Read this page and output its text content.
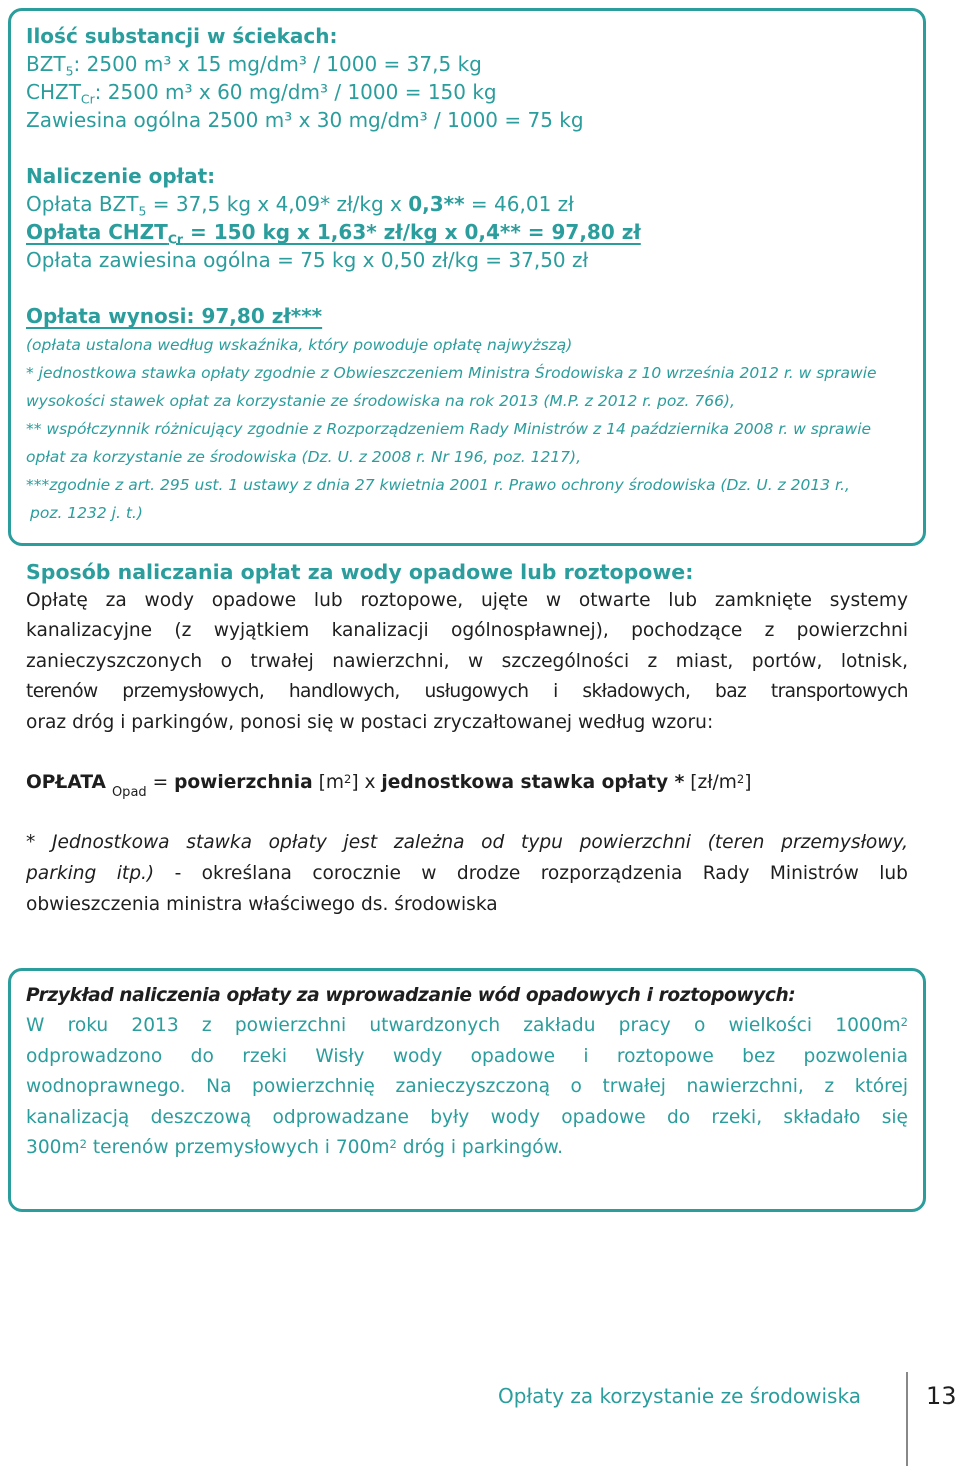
Ilość substancji w ściekach:
$BZT_5$: 2500 m³ x 15 mg/dm³ / 1000 = 37,5 kg
$CHZT_{Cr}$: 2500 m³ x 60 mg/dm³ / 1000 = 150 kg
Zawiesina ogólna 2500 m³ x 30 mg/dm³ / 1000 = 75 kg
Naliczenie opłat:
Opłata $BZT_5 = 37,5$ kg x 4,09* zł/kg x 0,3** = 46,01 zł
Opłata $CHZT_{Cr} = 150$ kg x 1,63* zł/kg x 0,4** = 97,80 zł
Opłata zawiesina ogólna = 75 kg x 0,50 zł/kg = 37,50 zł
Opłata wynosi: 97,80 zł***
(opłata ustalona według wskaźnika, który powoduje opłatę najwyższą)
* jednostkowa stawka opłaty zgodnie z Obwieszczeniem Ministra Środowiska z 10 września 2012 r. w sprawie
wysokości stawek opłat za korzystanie ze środowiska na rok 2013 (M.P. z 2012 r. poz. 766),
** współczynnik różnicujący zgodnie z Rozporządzeniem Rady Ministrów z 14 października 2008 r. w sprawie
opłat za korzystanie ze środowiska (Dz. U. z 2008 r. Nr 196, poz. 1217),
***zgodnie z art. 295 ust. 1 ustawy z dnia 27 kwietnia 2001 r. Prawo ochrony środowiska (Dz. U. z 2013 r.,
poz. 1232 j. t.)
Sposób naliczania opłat za wody opadowe lub roztopowe:
Opłatę za wody opadowe lub roztopowe, ujęte w otwarte lub zamknięte systemy
kanalizacyjne (z wyjątkiem kanalizacji ogólnospławnej), pochodzące z powierzchni
zanieczyszczonych o trwałej nawierzchni, w szczególności z miast, portów, lotnisk,
terenów przemysłowych, handlowych, usługowych i składowych, baz transportowych
oraz dróg i parkingów, ponosi się w postaci zryczałtowanej według wzoru:
OPŁATA $_{Opad}$ = powierzchnia $[m^2]$ x jednostkowa stawka opłaty * $[zł/m^2]$
* Jednostkowa stawka opłaty jest zależna od typu powierzchni (teren przemysłowy,
parking itp.) - określana corocznie w drodze rozporządzenia Rady Ministrów lub
obwieszczenia ministra właściwego ds. środowiska
Przykład naliczenia opłaty za wprowadzanie wód opadowych i roztopowych:
W roku 2013 z powierzchni utwardzonych zakładu pracy o wielkości $1000m^2$
odprowadzono do rzeki Wisły wody opadowe i roztopowe bez pozwolenia
wodnoprawnego. Na powierzchnię zanieczyszczoną o trwałej nawierzchni, z której
kanalizacją deszczową odprowadzane były wody opadowe do rzeki, składało się
$300m^2$ terenów przemysłowych i $700m^2$ dróg i parkingów.
Opłaty za korzystanie ze środowiska	13
